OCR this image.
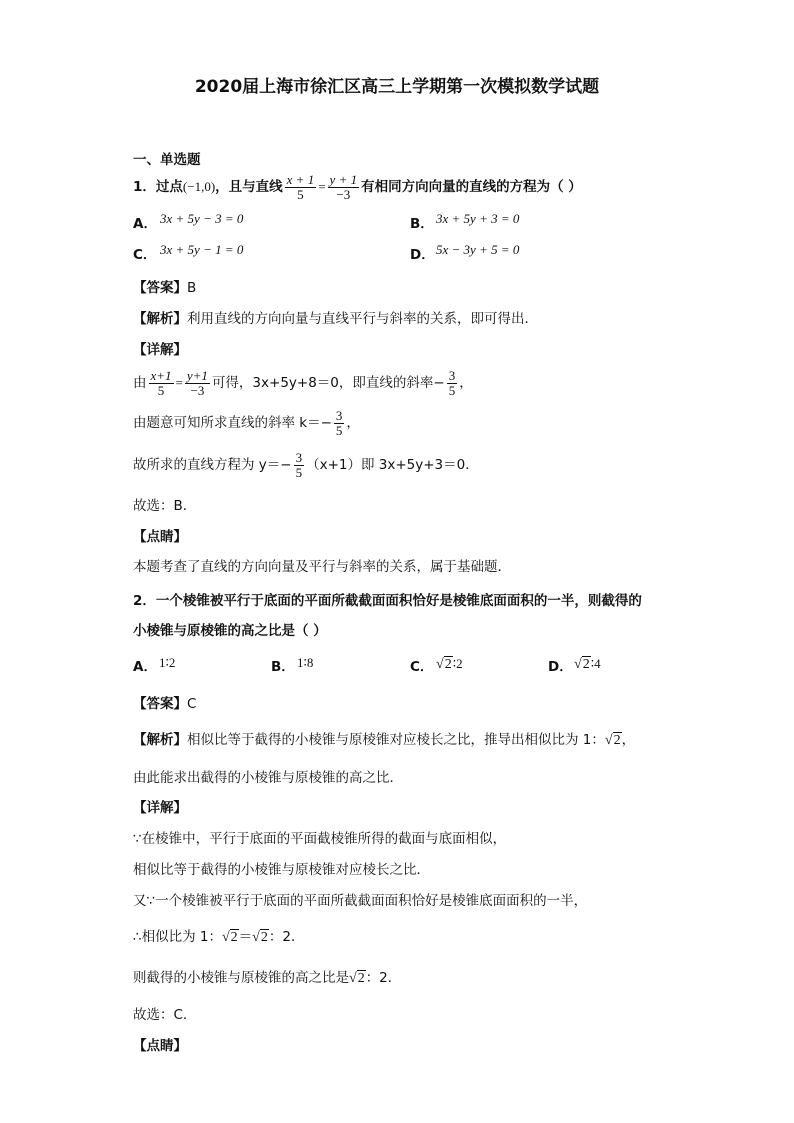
2020届上海市徐汇区高三上学期第一次模拟数学试题
一、单选题
1．过点(−1,0)，且与直线 $\frac{x + 1}{5} = \frac{y + 1}{-3}$ 有相同方向向量的直线的方程为（ ）
A． 3x + 5y − 3 = 0	B． 3x + 5y + 3 = 0
C． 3x + 5y − 1 = 0	D． 5x − 3y + 5 = 0
【答案】B
【解析】利用直线的方向向量与直线平行与斜率的关系，即可得出．
【详解】
由 $\frac{x+1}{5} = \frac{y+1}{-3}$ 可得，3x+5y+8＝0，即直线的斜率− $\frac{3}{5}$ ，
由题意可知所求直线的斜率 $k=- \frac{3}{5}$ ，
故所求的直线方程为 $y=- \frac{3}{5} (x+1)$即 3x+5y+3＝0．
故选：B．
【点睛】
本题考查了直线的方向向量及平行与斜率的关系，属于基础题．
2．一个棱锥被平行于底面的平面所截截面面积恰好是棱锥底面面积的一半，则截得的
小棱锥与原棱锥的高之比是（ ）
A． 1∶2	B． 1∶8	C． √2∶2	D． √2∶4
【答案】C
【解析】相似比等于截得的小棱锥与原棱锥对应棱长之比，推导出相似比为 1：√2，
由此能求出截得的小棱锥与原棱锥的高之比．
【详解】
∵在棱锥中，平行于底面的平面截棱锥所得的截面与底面相似，
相似比等于截得的小棱锥与原棱锥对应棱长之比．
又∵一个棱锥被平行于底面的平面所截截面面积恰好是棱锥底面面积的一半，
∴相似比为 1：√2＝√2：2．
则截得的小棱锥与原棱锥的高之比是√2：2．
故选：C．
【点睛】
